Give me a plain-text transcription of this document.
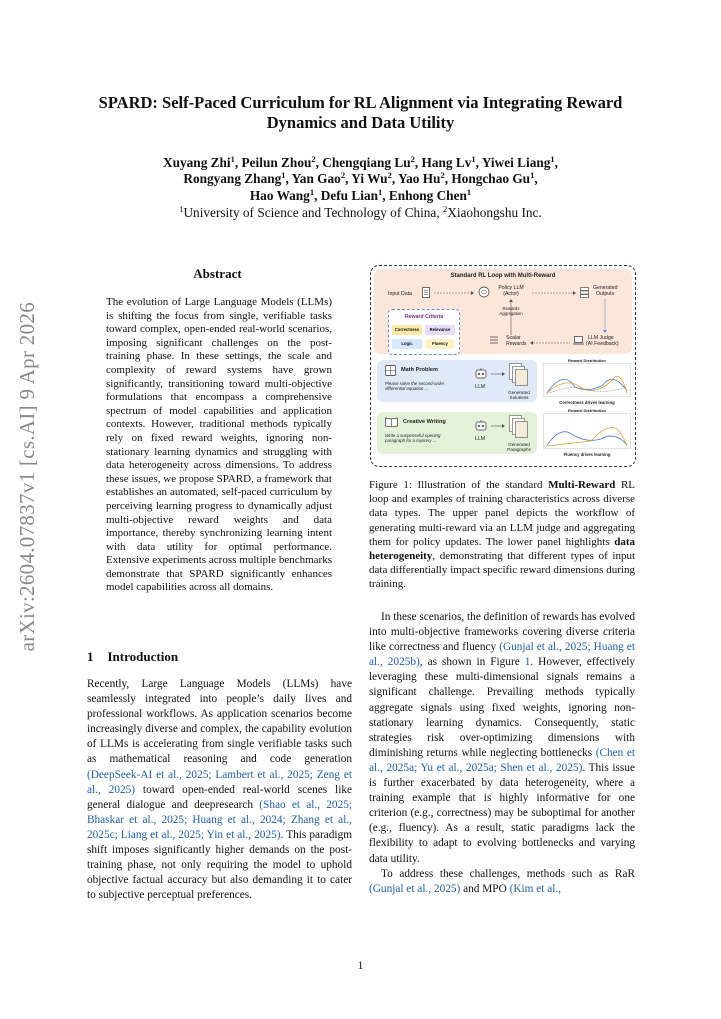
arXiv:2604.07837v1 [cs.AI] 9 Apr 2026
SPARD: Self-Paced Curriculum for RL Alignment via Integrating Reward Dynamics and Data Utility
Xuyang Zhi$^1$, Peilun Zhou$^2$, Chengqiang Lu$^2$, Hang Lv$^1$, Yiwei Liang$^1$,
Rongyang Zhang$^1$, Yan Gao$^2$, Yi Wu$^2$, Yao Hu$^2$, Hongchao Gu$^1$,
Hao Wang$^1$, Defu Lian$^1$, Enhong Chen$^1$
$^1$University of Science and Technology of China, $^2$Xiaohongshu Inc.
Abstract
The evolution of Large Language Models (LLMs) is shifting the focus from single, verifiable tasks toward complex, open-ended real-world scenarios, imposing significant challenges on the post-training phase. In these settings, the scale and complexity of reward systems have grown significantly, transitioning toward multi-objective formulations that encompass a comprehensive spectrum of model capabilities and application contexts. However, traditional methods typically rely on fixed reward weights, ignoring non-stationary learning dynamics and struggling with data heterogeneity across dimensions. To address these issues, we propose SPARD, a framework that establishes an automated, self-paced curriculum by perceiving learning progress to dynamically adjust multi-objective reward weights and data importance, thereby synchronizing learning intent with data utility for optimal performance. Extensive experiments across multiple benchmarks demonstrate that SPARD significantly enhances model capabilities across all domains.
1 Introduction

Recently, Large Language Models (LLMs) have seamlessly integrated into people’s daily lives and professional workflows. As application scenarios become increasingly diverse and complex, the capability evolution of LLMs is accelerating from single verifiable tasks such as mathematical reasoning and code generation (DeepSeek-AI et al., 2025; Lambert et al., 2025; Zeng et al., 2025) toward open-ended real-world scenes like general dialogue and deepresearch (Shao et al., 2025; Bhaskar et al., 2025; Huang et al., 2024; Zhang et al., 2025c; Liang et al., 2025; Yin et al., 2025). This paradigm shift imposes significantly higher demands on the post-training phase, not only requiring the model to uphold objective factual accuracy but also demanding it to cater to subjective perceptual preferences.

Standard RL Loop with Multi-Reward
Input Data
Policy LLM
(Actor)
Generated
Outputs
Rewards
Aggregation
Reward Criteria
Correctness	Relevance
Logic	Fluency
Scalar
Rewards
LLM Judge
(AI Feedback)
Math Problem
Please solve the second-order differential equation ...	LLM
Generated
Solutions
Reward Distribution
Correctness drives learning
Creative Writing
Write a suspenseful opening paragraph for a mystery ...	LLM
Generated
Paragraphs
Reward Distribution
Fluency drives learning
Figure 1: Illustration of the standard Multi-Reward RL loop and examples of training characteristics across diverse data types. The upper panel depicts the workflow of generating multi-reward via an LLM judge and aggregating them for policy updates. The lower panel highlights data heterogeneity, demonstrating that different types of input data differentially impact specific reward dimensions during training.

In these scenarios, the definition of rewards has evolved into multi-objective frameworks covering diverse criteria like correctness and fluency (Gunjal et al., 2025; Huang et al., 2025b), as shown in Figure 1. However, effectively leveraging these multi-dimensional signals remains a significant challenge. Prevailing methods typically aggregate signals using fixed weights, ignoring non-stationary learning dynamics. Consequently, static strategies risk over-optimizing dimensions with diminishing returns while neglecting bottlenecks (Chen et al., 2025a; Yu et al., 2025a; Shen et al., 2025). This issue is further exacerbated by data heterogeneity, where a training example that is highly informative for one criterion (e.g., correctness) may be suboptimal for another (e.g., fluency). As a result, static paradigms lack the flexibility to adapt to evolving bottlenecks and varying data utility.

To address these challenges, methods such as RaR (Gunjal et al., 2025) and MPO (Kim et al.,

1
